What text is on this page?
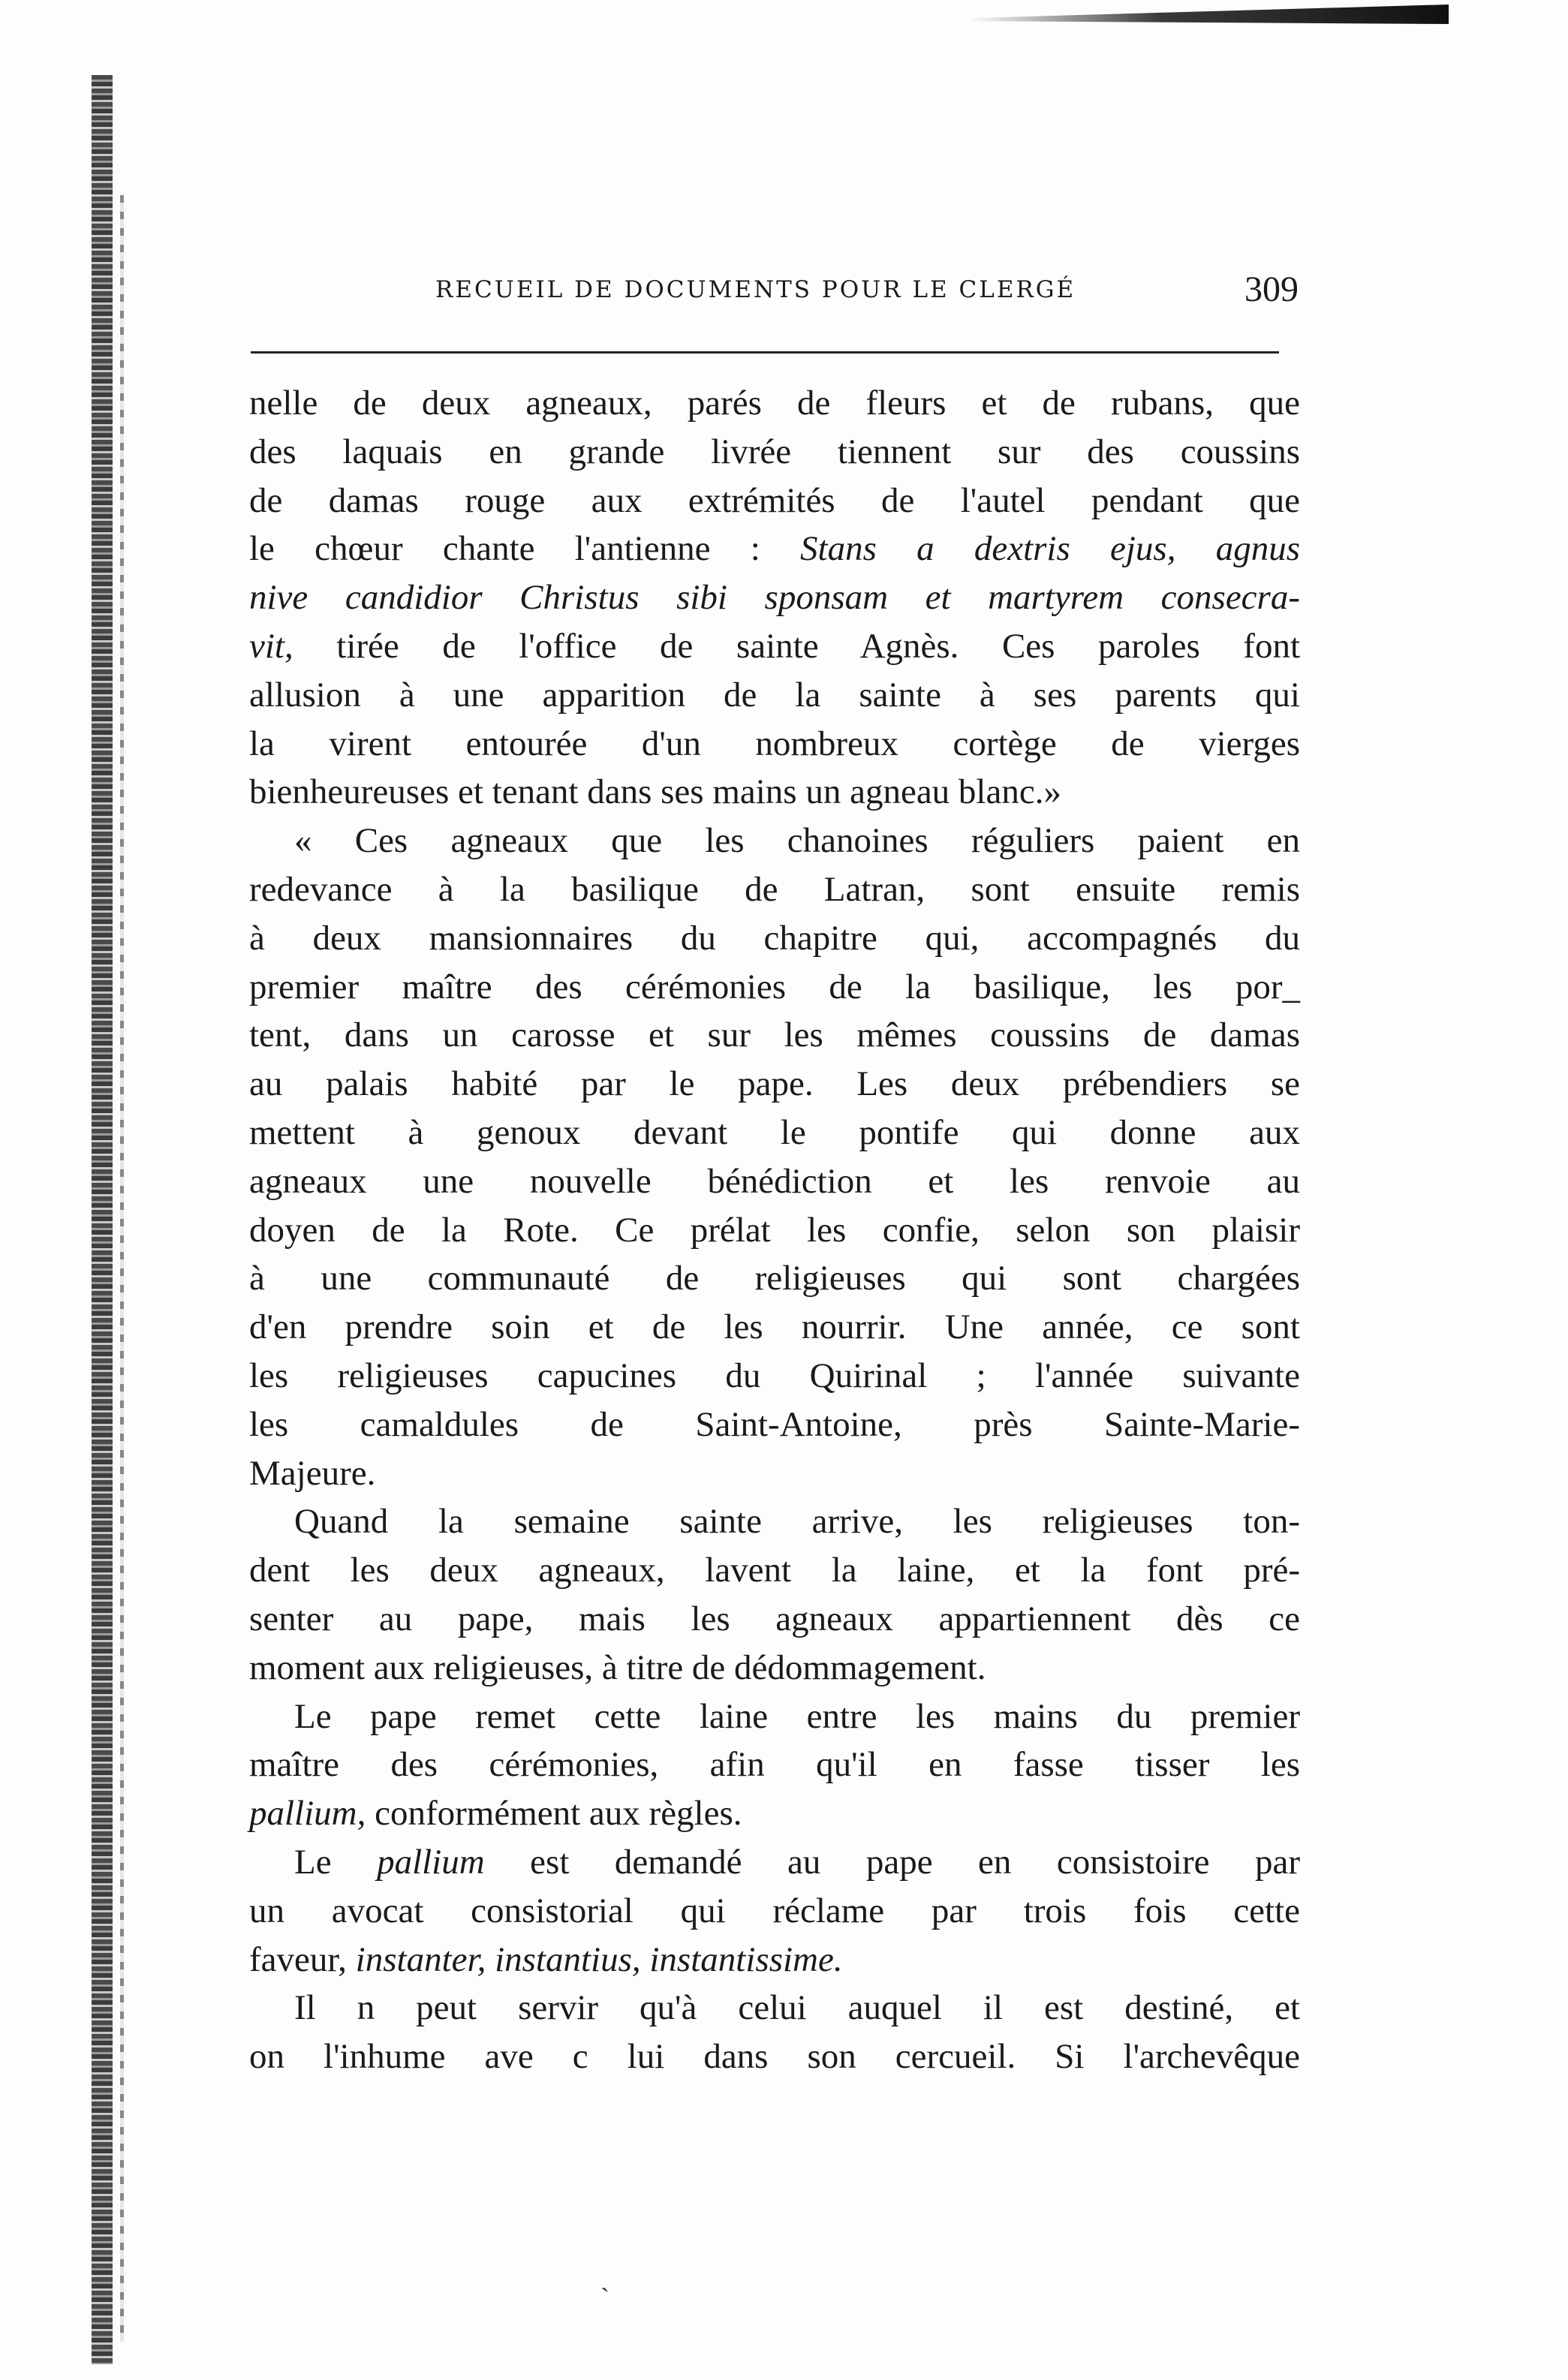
RECUEIL DE DOCUMENTS POUR LE CLERGÉ	309
nelle de deux agneaux, parés de fleurs et de rubans, que
des laquais en grande livrée tiennent sur des coussins
de damas rouge aux extrémités de l'autel pendant que
le chœur chante l'antienne : Stans a dextris ejus, agnus
nive candidior Christus sibi sponsam et martyrem consecra-
vit, tirée de l'office de sainte Agnès. Ces paroles font
allusion à une apparition de la sainte à ses parents qui
la virent entourée d'un nombreux cortège de vierges
bienheureuses et tenant dans ses mains un agneau blanc.»
« Ces agneaux que les chanoines réguliers paient en
redevance à la basilique de Latran, sont ensuite remis
à deux mansionnaires du chapitre qui, accompagnés du
premier maître des cérémonies de la basilique, les por_
tent, dans un carosse et sur les mêmes coussins de damas
au palais habité par le pape. Les deux prébendiers se
mettent à genoux devant le pontife qui donne aux
agneaux une nouvelle bénédiction et les renvoie au
doyen de la Rote. Ce prélat les confie, selon son plaisir
à une communauté de religieuses qui sont chargées
d'en prendre soin et de les nourrir. Une année, ce sont
les religieuses capucines du Quirinal ; l'année suivante
les camaldules de Saint-Antoine, près Sainte-Marie-
Majeure.
Quand la semaine sainte arrive, les religieuses ton-
dent les deux agneaux, lavent la laine, et la font pré-
senter au pape, mais les agneaux appartiennent dès ce
moment aux religieuses, à titre de dédommagement.
Le pape remet cette laine entre les mains du premier
maître des cérémonies, afin qu'il en fasse tisser les
pallium, conformément aux règles.
Le pallium est demandé au pape en consistoire par
un avocat consistorial qui réclame par trois fois cette
faveur, instanter, instantius, instantissime.
Il n peut servir qu'à celui auquel il est destiné, et
on l'inhume ave c lui dans son cercueil. Si l'archevêque
`
